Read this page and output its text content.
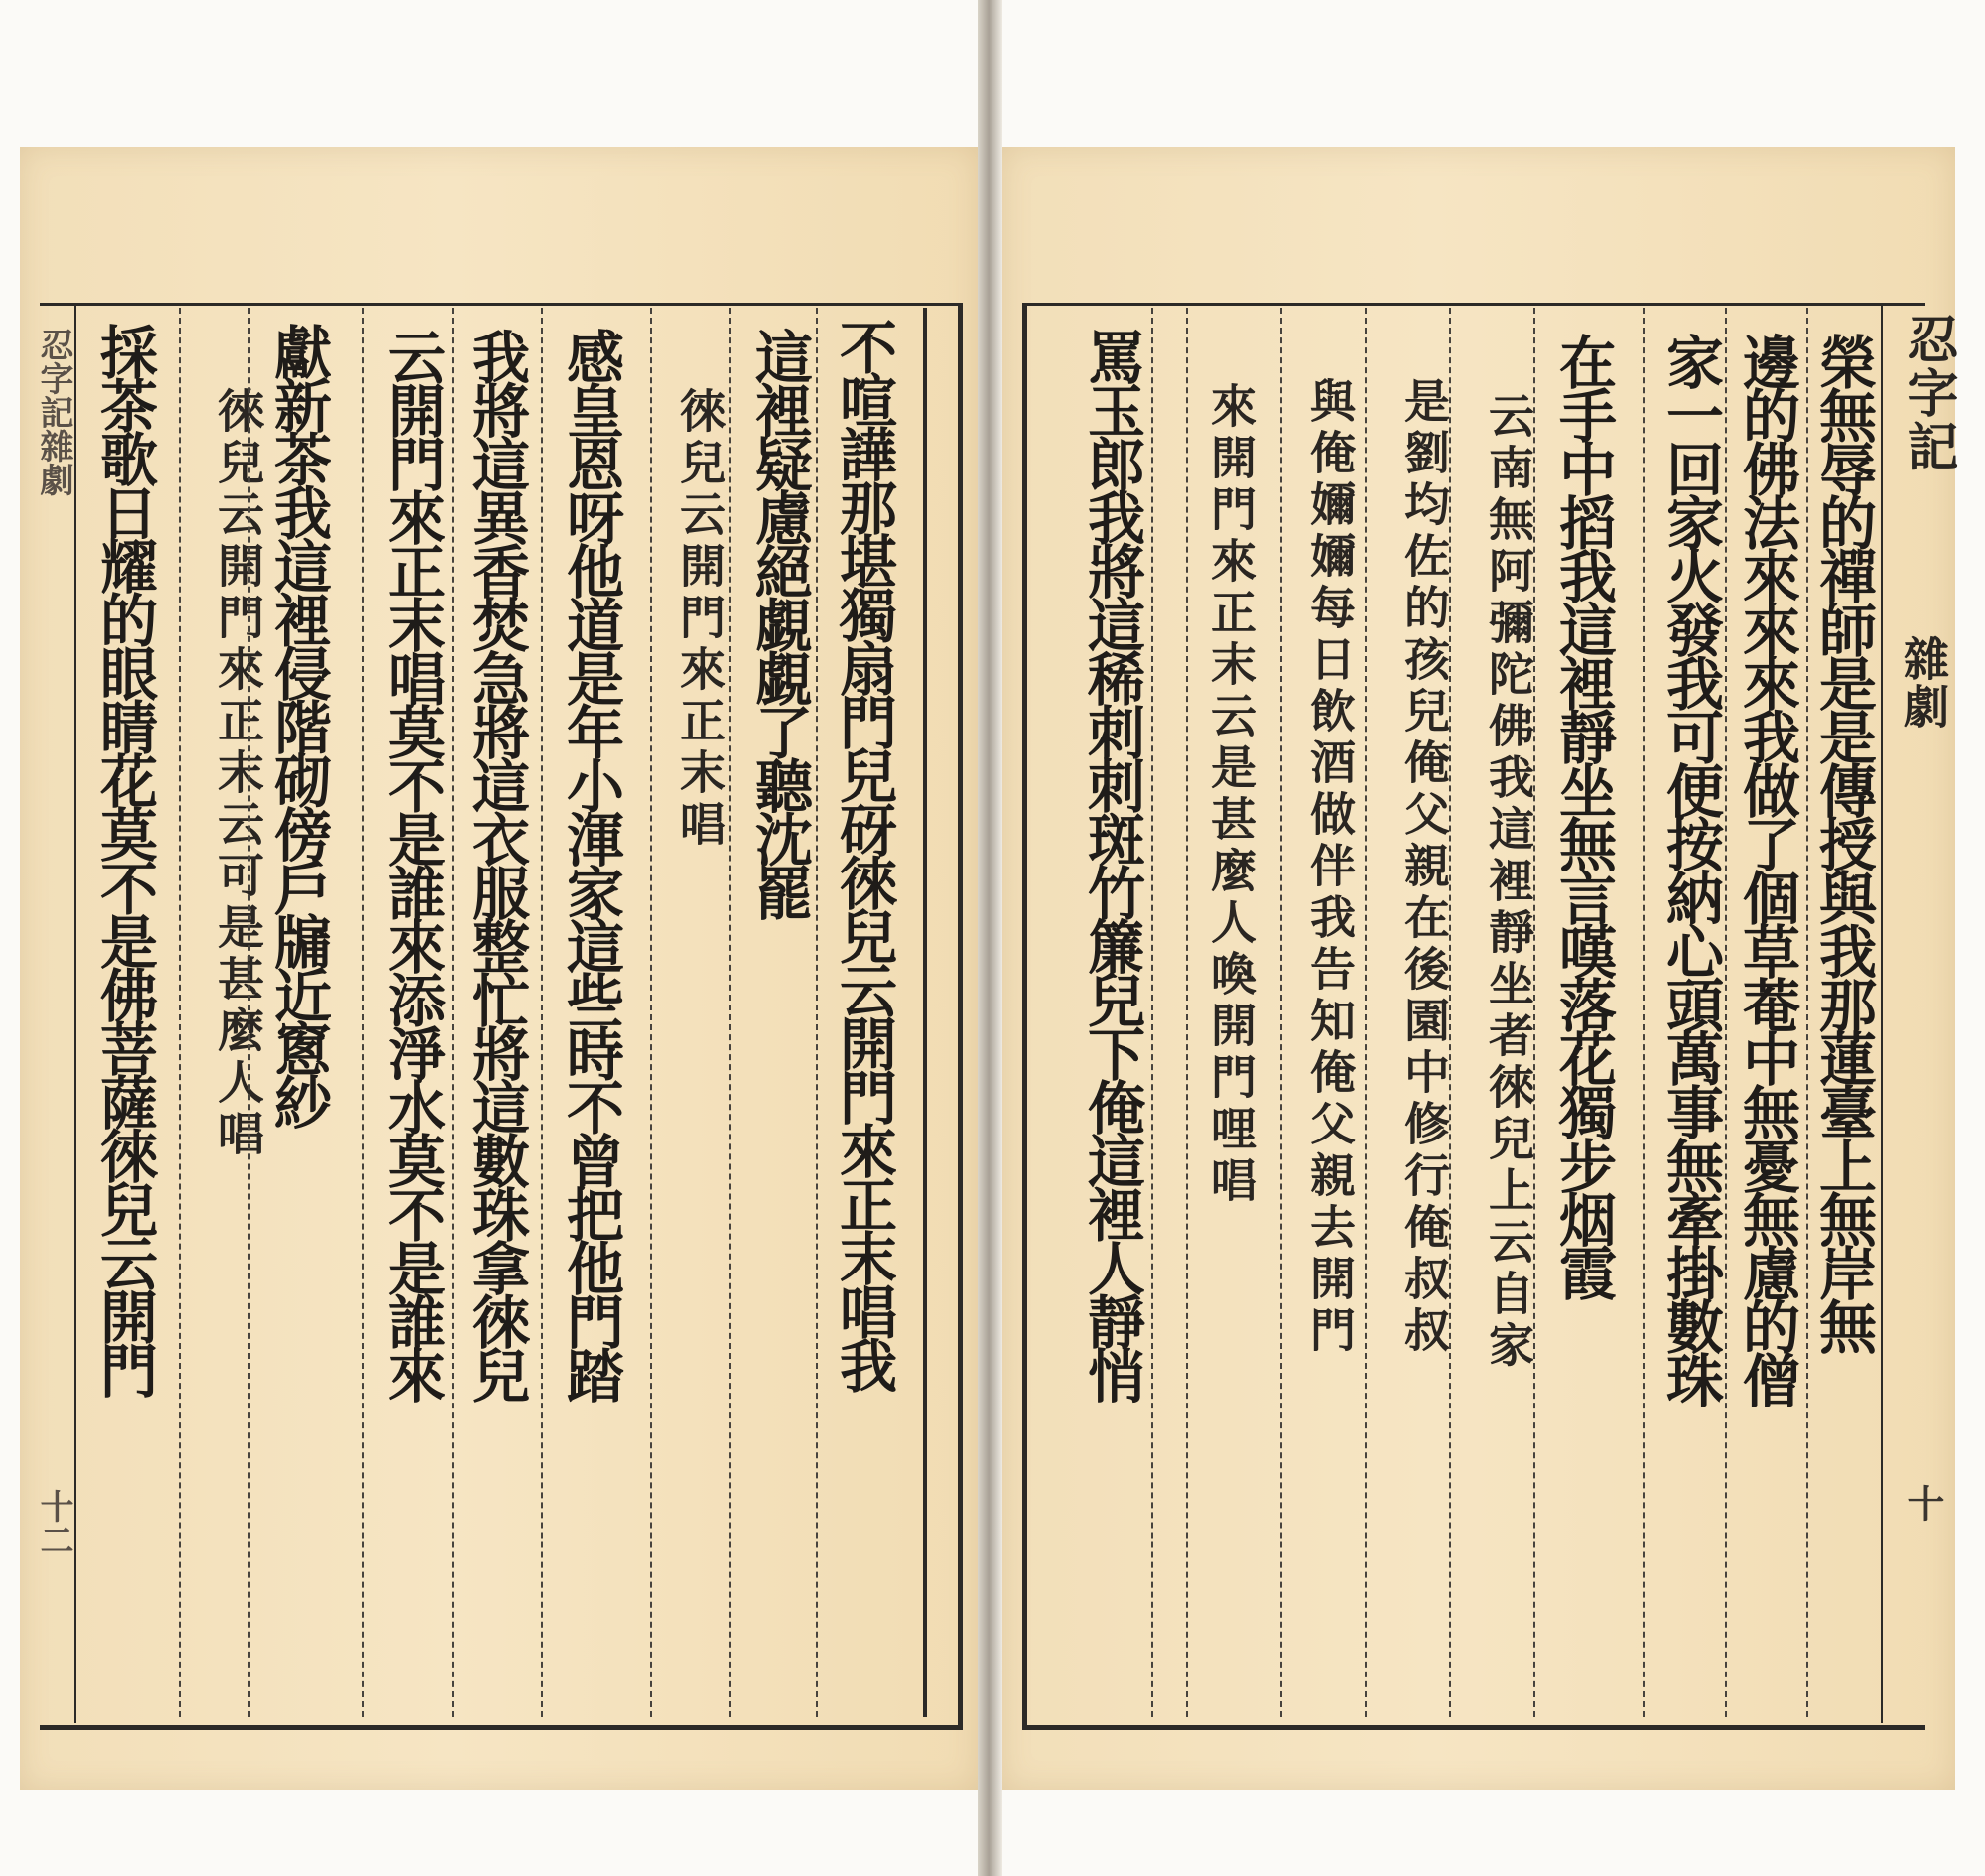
忍字記
雜劇
十
榮無辱的禪師是是傳授與我那蓮臺上無岸無
邊的佛法來來來我做了個草菴中無憂無慮的僧
家一回家火發我可便按納心頭萬事無牽掛數珠
在手中搯我這裡靜坐無言嘆落花獨步烟霞
云南無阿彌陀佛我這裡靜坐者徠兒上云自家
是劉均佐的孩兒俺父親在後園中修行俺叔叔
與俺嬭嬭每日飲酒做伴我告知俺父親去開門
來開門來正末云是甚麼人喚開門哩唱
罵玉郎我將這稀刺刺斑竹簾兒下俺這裡人靜悄
不喧譁那堪獨扇門兒砑徠兒云開門來正末唱我
這裡疑慮絕覷覷了聽沈罷
徠兒云開門來正末唱
感皇恩呀他道是年小渾家這些時不曾把他門踏
我將這異香焚急將這衣服整忙將這數珠拿徠兒
云開門來正末唱莫不是誰來添淨水莫不是誰來
獻新茶我這裡侵階砌傍戶牖近窻紗
徠兒云開門來正末云可是甚麼人唱
採茶歌日耀的眼睛花莫不是佛菩薩徠兒云開門
忍字記雜劇
十二
